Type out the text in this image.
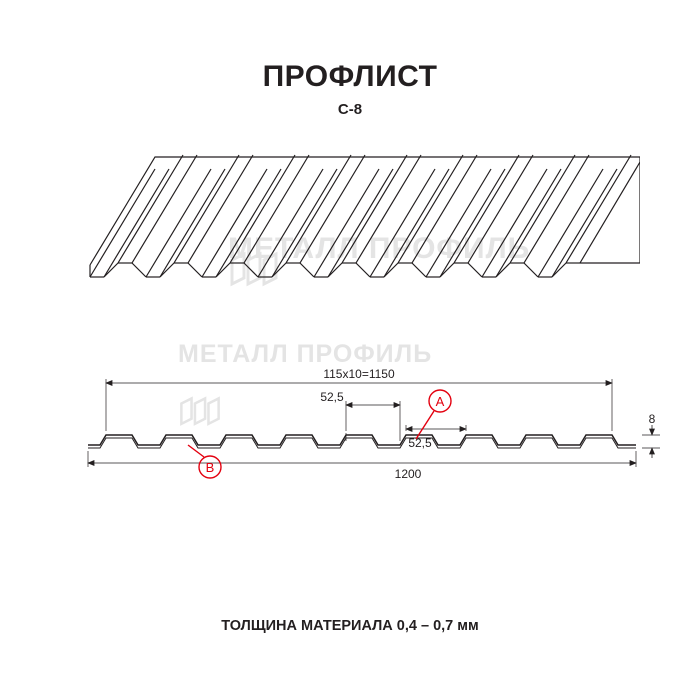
ПРОФЛИСТ
С-8
МЕТАЛЛ ПРОФИЛЬ
МЕТАЛЛ ПРОФИЛЬ
115х10=1150
52,5
52,5
1200
8
A
B
ТОЛЩИНА МАТЕРИАЛА 0,4 – 0,7 мм
